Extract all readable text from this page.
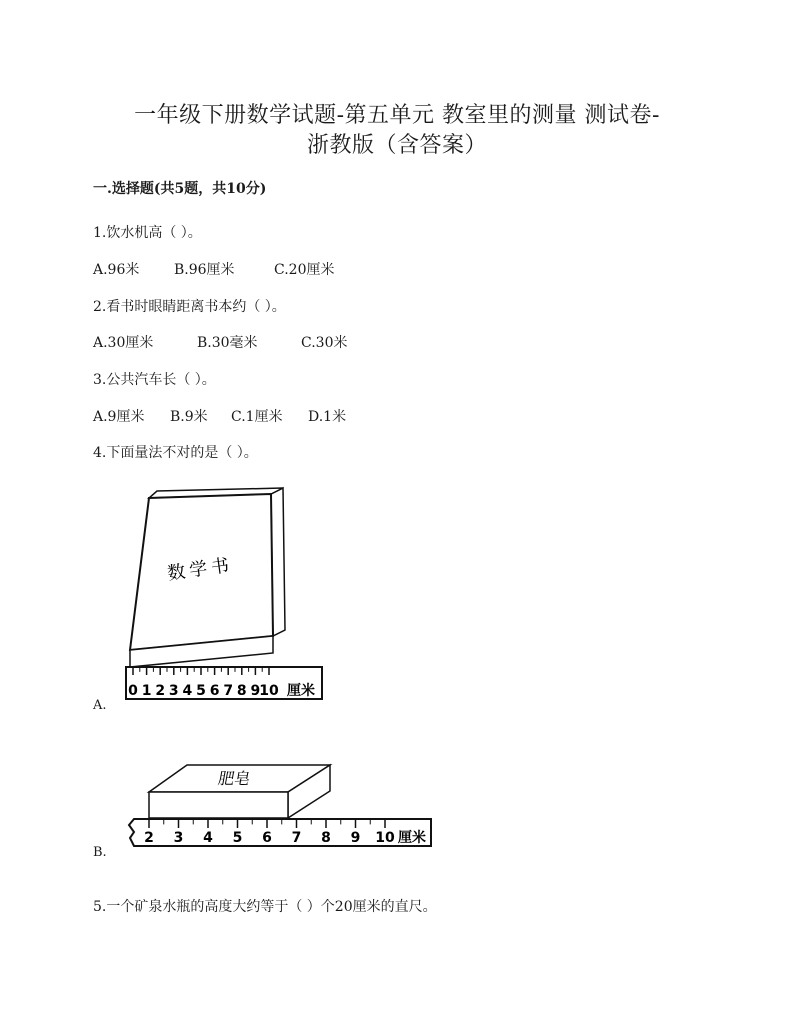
一年级下册数学试题-第五单元 教室里的测量 测试卷-
浙教版（含答案）
一.选择题(共5题，共10分)
1.饮水机高（ ）。
A.96米	B.96厘米	C.20厘米
2.看书时眼睛距离书本约（ ）。
A.30厘米	B.30毫米	C.30米
3.公共汽车长（ ）。
A.9厘米	B.9米	C.1厘米	D.1米
4.下面量法不对的是（ ）。
数学书
0 1 2 3 4 5 6 7 8 9
10 厘米
A.
肥皂
2 3 4 5 6 7 8 9 10 厘米
B.
5.一个矿泉水瓶的高度大约等于（ ）个20厘米的直尺。
